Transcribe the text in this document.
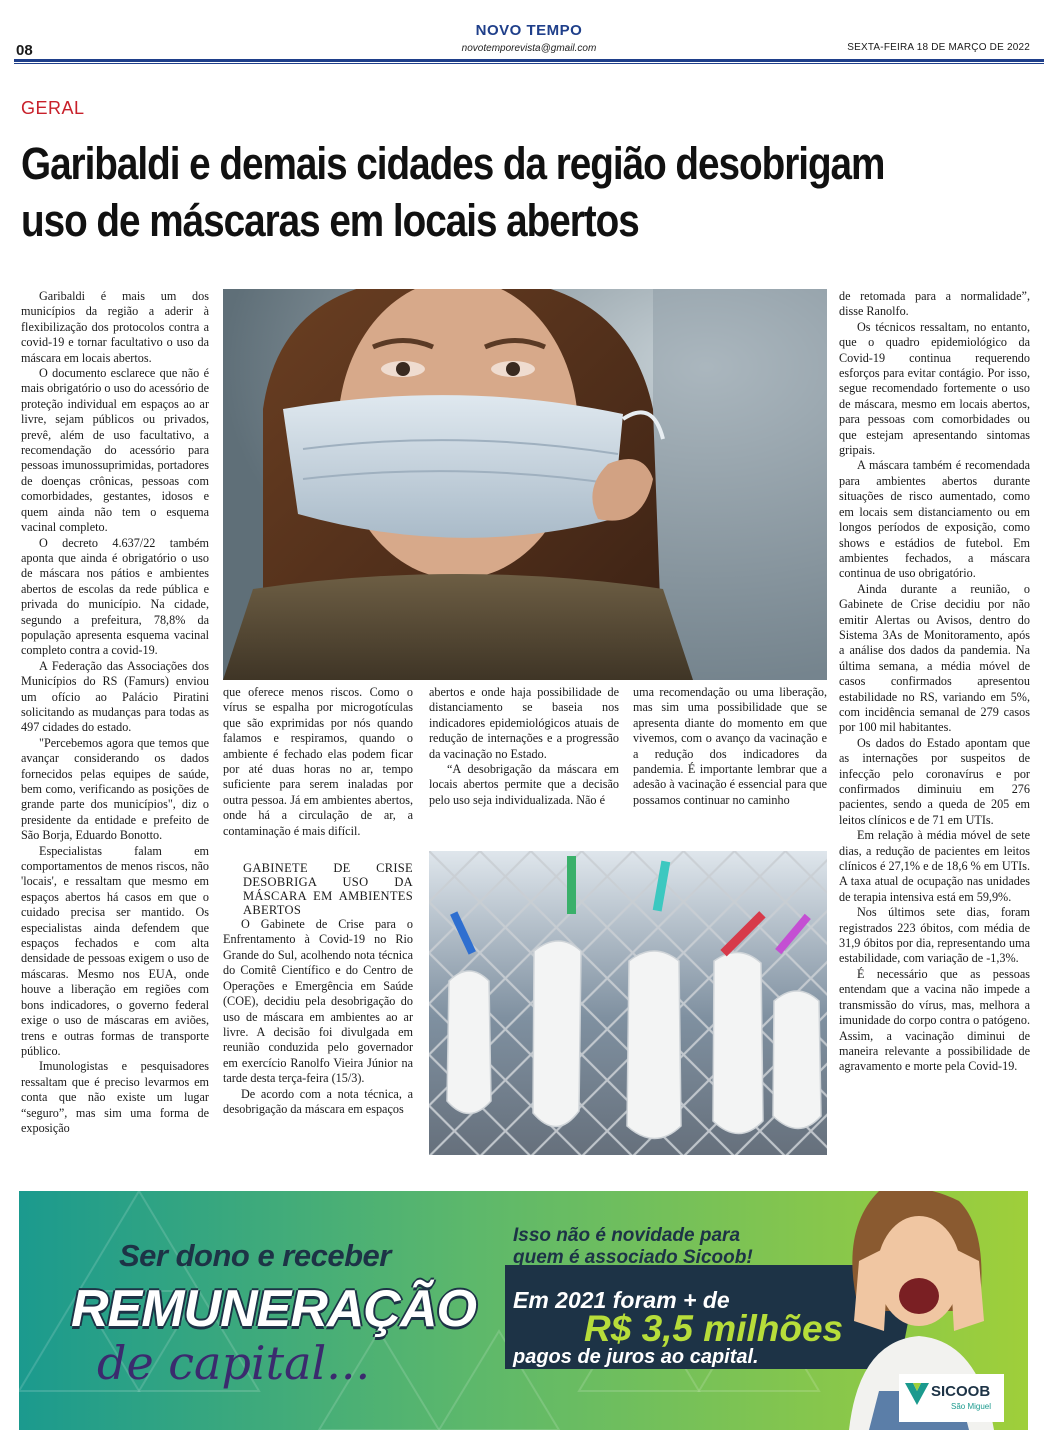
08
NOVO TEMPO
novotemporevista@gmail.com	SEXTA-FEIRA 18 DE MARÇO DE 2022
GERAL
Garibaldi e demais cidades da região desobrigam
uso de máscaras em locais abertos

Garibaldi é mais um dos municípios da região a aderir à flexibilização dos protocolos contra a covid-19 e tornar facultativo o uso da máscara em locais abertos.

O documento esclarece que não é mais obrigatório o uso do acessório de proteção individual em espaços ao ar livre, sejam públicos ou privados, prevê, além de uso facultativo, a recomendação do acessório para pessoas imunossuprimidas, portadores de doenças crônicas, pessoas com comorbidades, gestantes, idosos e quem ainda não tem o esquema vacinal completo.

O decreto 4.637/22 também aponta que ainda é obrigatório o uso de máscara nos pátios e ambientes abertos de escolas da rede pública e privada do município. Na cidade, segundo a prefeitura, 78,8% da população apresenta esquema vacinal completo contra a covid-19.

A Federação das Associações dos Municípios do RS (Famurs) enviou um ofício ao Palácio Piratini solicitando as mudanças para todas as 497 cidades do estado.

"Percebemos agora que temos que avançar considerando os dados fornecidos pelas equipes de saúde, bem como, verificando as posições de grande parte dos municípios", diz o presidente da entidade e prefeito de São Borja, Eduardo Bonotto.

Especialistas falam em comportamentos de menos riscos, não 'locais', e ressaltam que mesmo em espaços abertos há casos em que o cuidado precisa ser mantido. Os especialistas ainda defendem que espaços fechados e com alta densidade de pessoas exigem o uso de máscaras. Mesmo nos EUA, onde houve a liberação em regiões com bons indicadores, o governo federal exige o uso de máscaras em aviões, trens e outras formas de transporte público.

Imunologistas e pesquisadores ressaltam que é preciso levarmos em conta que não existe um lugar “seguro”, mas sim uma forma de exposição

que oferece menos riscos. Como o vírus se espalha por microgotículas que são exprimidas por nós quando falamos e respiramos, quando o ambiente é fechado elas podem ficar por até duas horas no ar, tempo suficiente para serem inaladas por outra pessoa. Já em ambientes abertos, onde há a circulação de ar, a contaminação é mais difícil.

GABINETE DE CRISE DESOBRIGA USO DA MÁSCARA EM AMBIENTES ABERTOS

O Gabinete de Crise para o Enfrentamento à Covid-19 no Rio Grande do Sul, acolhendo nota técnica do Comitê Científico e do Centro de Operações e Emergência em Saúde (COE), decidiu pela desobrigação do uso de máscara em ambientes ao ar livre. A decisão foi divulgada em reunião conduzida pelo governador em exercício Ranolfo Vieira Júnior na tarde desta terça-feira (15/3).

De acordo com a nota técnica, a desobrigação da máscara em espaços

abertos e onde haja possibilidade de distanciamento se baseia nos indicadores epidemiológicos atuais de redução de internações e a progressão da vacinação no Estado.

“A desobrigação da máscara em locais abertos permite que a decisão pelo uso seja individualizada. Não é

uma recomendação ou uma liberação, mas sim uma possibilidade que se apresenta diante do momento em que vivemos, com o avanço da vacinação e a redução dos indicadores da pandemia. É importante lembrar que a adesão à vacinação é essencial para que possamos continuar no caminho

de retomada para a normalidade”, disse Ranolfo.

Os técnicos ressaltam, no entanto, que o quadro epidemiológico da Covid-19 continua requerendo esforços para evitar contágio. Por isso, segue recomendado fortemente o uso de máscara, mesmo em locais abertos, para pessoas com comorbidades ou que estejam apresentando sintomas gripais.

A máscara também é recomendada para ambientes abertos durante situações de risco aumentado, como em locais sem distanciamento ou em longos períodos de exposição, como shows e estádios de futebol. Em ambientes fechados, a máscara continua de uso obrigatório.

Ainda durante a reunião, o Gabinete de Crise decidiu por não emitir Alertas ou Avisos, dentro do Sistema 3As de Monitoramento, após a análise dos dados da pandemia. Na última semana, a média móvel de casos confirmados apresentou estabilidade no RS, variando em 5%, com incidência semanal de 279 casos por 100 mil habitantes.

Os dados do Estado apontam que as internações por suspeitos de infecção pelo coronavírus e por confirmados diminuiu em 276 pacientes, sendo a queda de 205 em leitos clínicos e de 71 em UTIs.

Em relação à média móvel de sete dias, a redução de pacientes em leitos clínicos é 27,1% e de 18,6 % em UTIs. A taxa atual de ocupação nas unidades de terapia intensiva está em 59,9%.

Nos últimos sete dias, foram registrados 223 óbitos, com média de 31,9 óbitos por dia, representando uma estabilidade, com variação de -1,3%.

É necessário que as pessoas entendam que a vacina não impede a transmissão do vírus, mas, melhora a imunidade do corpo contra o patógeno. Assim, a vacinação diminui de maneira relevante a possibilidade de agravamento e morte pela Covid-19.

Ser dono e receber
REMUNERAÇÃO
de capital...
Isso não é novidade para
quem é associado Sicoob!
Em 2021 foram + de
R$ 3,5 milhões
pagos de juros ao capital.
SICOOB
São Miguel
